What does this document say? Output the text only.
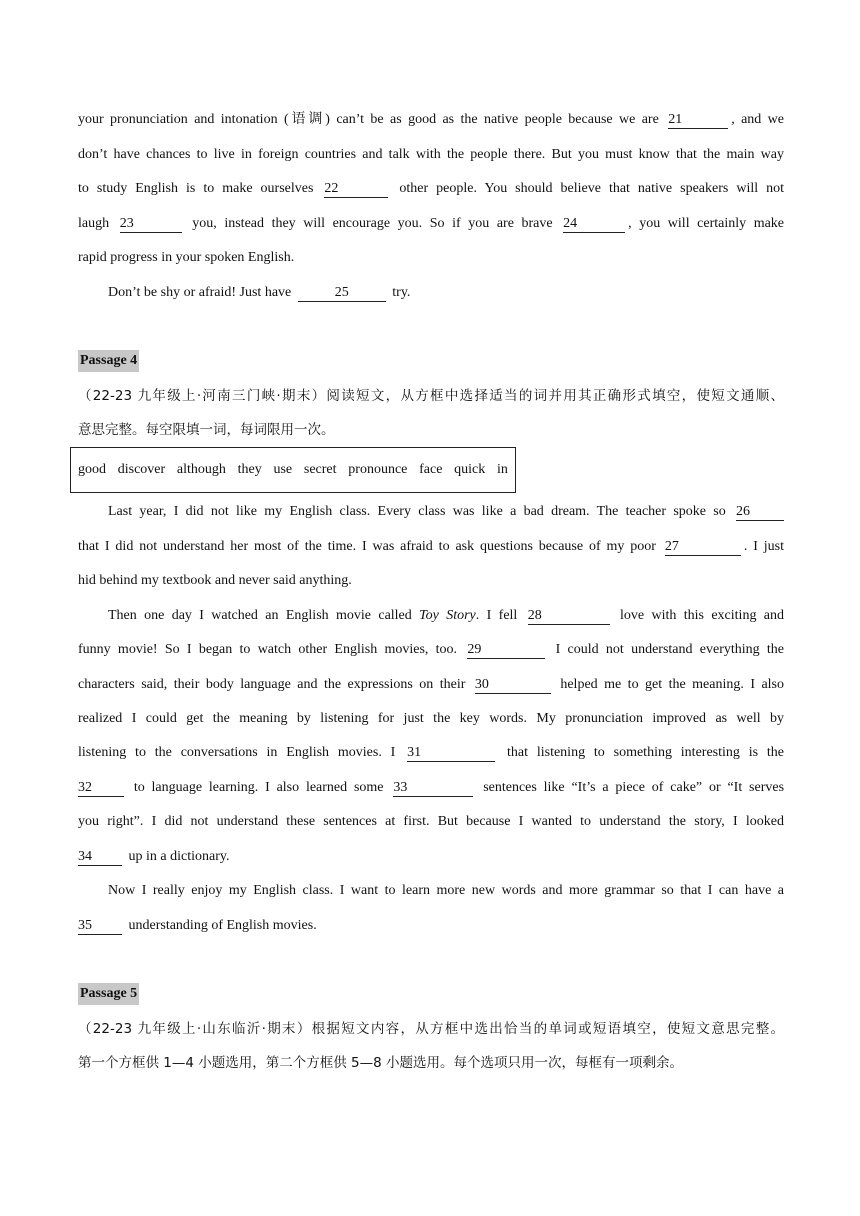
your pronunciation and intonation (语调) can’t be as good as the native people because we are 21	, and we

don’t have chances to live in foreign countries and talk with the people there. But you must know that the main way

to study English is to make ourselves 22	other people. You should believe that native speakers will not

laugh 23	you, instead they will encourage you. So if you are brave 24	, you will certainly make

rapid progress in your spoken English.

Don’t be shy or afraid! Just have	25	try.

Passage 4

（22-23 九年级上·河南三门峡·期末）阅读短文，从方框中选择适当的词并用其正确形式填空，使短文通顺、

意思完整。每空限填一词，每词限用一次。

good discover although they use secret pronounce face quick in

Last year, I did not like my English class. Every class was like a bad dream. The teacher spoke so 26

that I did not understand her most of the time. I was afraid to ask questions because of my poor 27	. I just

hid behind my textbook and never said anything.

Then one day I watched an English movie called Toy Story. I fell 28	love with this exciting and

funny movie! So I began to watch other English movies, too. 29	I could not understand everything the

characters said, their body language and the expressions on their 30	helped me to get the meaning. I also

realized I could get the meaning by listening for just the key words. My pronunciation improved as well by

listening to the conversations in English movies. I 31	that listening to something interesting is the

32	to language learning. I also learned some 33	sentences like “It’s a piece of cake” or “It serves

you right”. I did not understand these sentences at first. But because I wanted to understand the story, I looked

34	up in a dictionary.

Now I really enjoy my English class. I want to learn more new words and more grammar so that I can have a

35	understanding of English movies.

Passage 5

（22-23 九年级上·山东临沂·期末）根据短文内容，从方框中选出恰当的单词或短语填空，使短文意思完整。

第一个方框供 1—4 小题选用，第二个方框供 5—8 小题选用。每个选项只用一次，每框有一项剩余。
